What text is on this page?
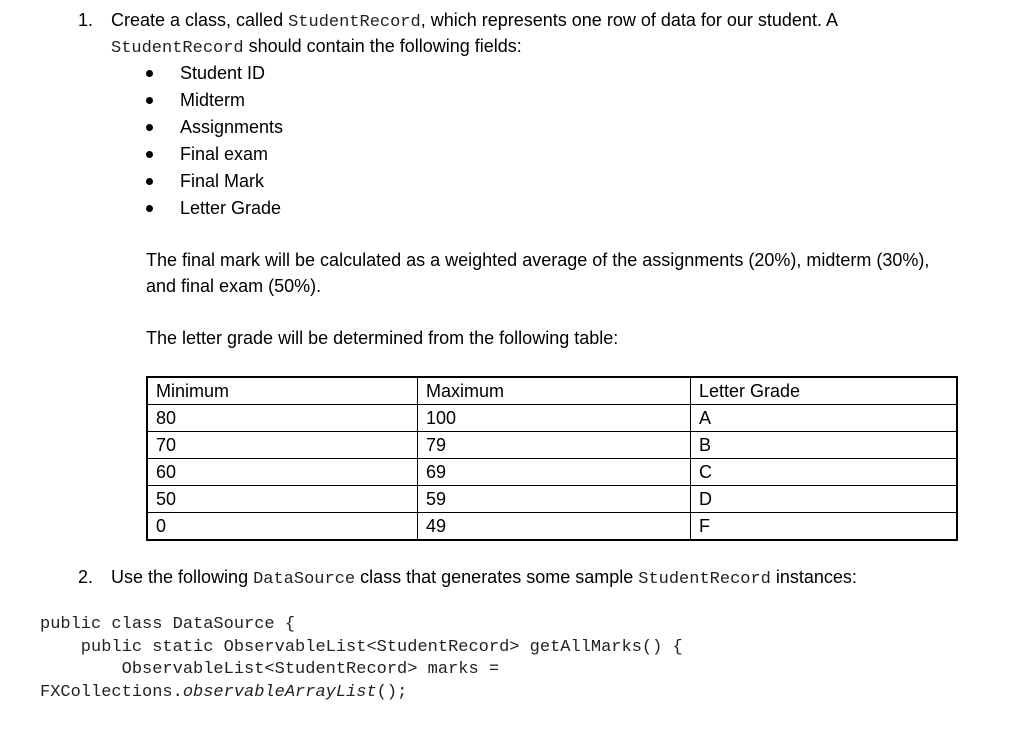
1. Create a class, called StudentRecord, which represents one row of data for our student. A
StudentRecord should contain the following fields:
Student ID
Midterm
Assignments
Final exam
Final Mark
Letter Grade
The final mark will be calculated as a weighted average of the assignments (20%), midterm (30%), and final exam (50%).
The letter grade will be determined from the following table:
Minimum	Maximum	Letter Grade
80	100	A
70	79	B
60	69	C
50	59	D
0	49	F
2. Use the following DataSource class that generates some sample StudentRecord instances:
public class DataSource {
public static ObservableList<StudentRecord> getAllMarks() {
ObservableList<StudentRecord> marks =
FXCollections.observableArrayList();
